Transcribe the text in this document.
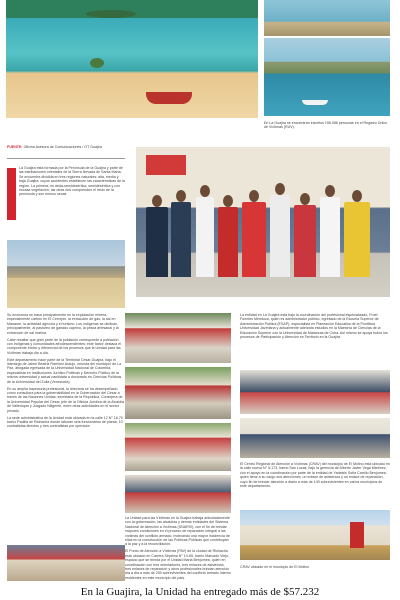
En La Guajira se encuentran inscritos 156.086 personas en el Registro Único de Víctimas (RUV).
FUENTE: Oficina Asesora de Comunicaciones / OT Guajira
La Guajira está formada por la Península de la Guajira y parte de las estribaciones orientales de la Sierra Nevada de Santa Marta. Se encuentra dividida en tres regiones naturales: alta, media y baja Guajira, cuyos accidentes establecen las características de la región. La primera, es árida-semidesértica, semidesértica y con escasa vegetación; las otras dos comprenden el resto de la península y son menos secas.

Su economía se basa principalmente en la explotación minera, especialmente carbón en El Cerrejón, la extracción de gas, la sal en Manaure, la actividad agrícola y el turismo. Los indígenas se dedican, principalmente, al pastoreo de ganado caprino, la pesca artesanal y la extracción de sal marina.

Cabe resaltar que gran parte de la población corresponde a población con indígenas y comunidades afrodescendientes; este factor destaca el componente étnico y diferencial de los procesos que la Unidad para las Víctimas trabaja día a día.

Este departamento hace parte de la Territorial Cesar-Guajira, bajo el liderazgo de Jaime Beatriz Ramírez Araujo, oriunda del municipio de La Paz, abogada egresada de la Universidad Nacional de Colombia, especialista en Instituciones Jurídico Políticas y Derecho Público de la misma universidad y actual candidata a doctorado en Ciencias Políticas de la Universidad del Zulia (Venezuela).

En su amplia trayectoria profesional, la directora se ha desempeñado como consultora para la gobernabilidad en la Gobernación del Cesar a través de las Naciones Unidas; secretaria de la República, Consejera de la Universidad Popular del Cesar, jefe de la Oficina Jurídica de la Alcaldía de Valledupar y Juzgado Niligente, entre otras actividades en el sector privado.

La sede administrativa de la Unidad está ubicada en la calle 12 N° 16-70 barrio Padilla de Riohacha donde laboran seis funcionarios de planta, 10 contratistas directos y tres contratistas por operador.

La Unidad para las Víctimas en la Guajira trabaja articuladamente con la gobernación, las alcaldías y demás entidades del Sistema Nacional de Atención a Víctimas (SNARIV), con el fin de brindar mayores condiciones en el proceso de reparación integral a las víctimas del conflicto armado, motivando una mayor incidencia de ellas en la construcción de las Políticas Públicas que contribuyan a la paz y a la reconciliación.

El Punto de Atención a Víctimas (PAV) de la ciudad de Riohacha está ubicado en Carrera Séptima N° 14-65, barrio Marcado Viejo, espacio que se brinda por el Unidad Maria Benjumea, quien en coordinación con tres orientadores, tres enlaces de asistencia, tres enlaces de reparación y otros profesionales brindan atención día a día a más de 250 sobrevivientes del conflicto armado interno residentes en este municipio del país.

La entidad en La Guajira está bajo la coordinación del profesional especializado, Fruel Fuentes Mendoza, quien es administrador público, egresado de la Escuela Superior de Administración Pública (ESAP), especialista en Planeación Educativa de la Pontificia Universidad Javeriana y actualmente adelanta estudios en la Maestría de Ciencias de la Educación Superior con la Universidad de Matanzas de Cuba. Así mismo se apoya todos los procesos de Participación y Atención en Territorio en la Guajira.
El Centro Regional de Atención a Víctimas (CRAV) del municipio de El Molino está ubicado en la calle nueva N° 5-173, barrio San Lucas, bajo la gerencia de Alberto Javier Vega Martínez, con el apoyo en la coordinación por parte de la entidad de Yadelsis Sofía Carrillo Benjumea, quien tiene a su cargo dos atenciones, un enlace de asistencia y un enlace de reparación, cuyo fin de brindar atención a diario a más de 140 sobrevivientes en varios municipios de este departamento.
CRAV ubicado en el municipio de El Molino
En la Guajira, la Unidad ha entregado más de $57.232
